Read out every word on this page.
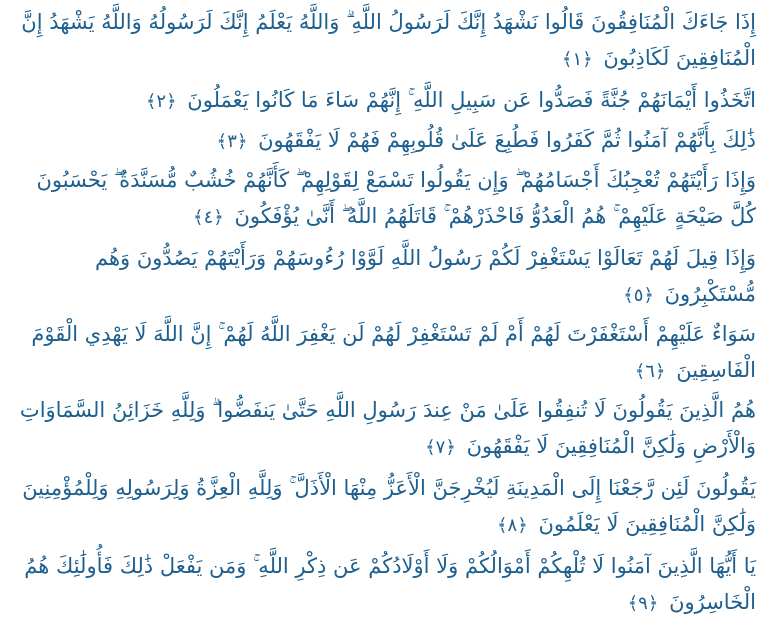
إِذَا جَاءَكَ الْمُنَافِقُونَ قَالُوا نَشْهَدُ إِنَّكَ لَرَسُولُ اللَّهِ ۗ وَاللَّهُ يَعْلَمُ إِنَّكَ لَرَسُولُهُ وَاللَّهُ يَشْهَدُ إِنَّ الْمُنَافِقِينَ لَكَاذِبُونَ ﴿١﴾

اتَّخَذُوا أَيْمَانَهُمْ جُنَّةً فَصَدُّوا عَن سَبِيلِ اللَّهِ ۚ إِنَّهُمْ سَاءَ مَا كَانُوا يَعْمَلُونَ ﴿٢﴾

ذَٰلِكَ بِأَنَّهُمْ آمَنُوا ثُمَّ كَفَرُوا فَطُبِعَ عَلَىٰ قُلُوبِهِمْ فَهُمْ لَا يَفْقَهُونَ ﴿٣﴾

وَإِذَا رَأَيْتَهُمْ تُعْجِبُكَ أَجْسَامُهُمْ ۖ وَإِن يَقُولُوا تَسْمَعْ لِقَوْلِهِمْ ۖ كَأَنَّهُمْ خُشُبٌ مُّسَنَّدَةٌ ۖ يَحْسَبُونَ كُلَّ صَيْحَةٍ عَلَيْهِمْ ۚ هُمُ الْعَدُوُّ فَاحْذَرْهُمْ ۚ قَاتَلَهُمُ اللَّهُ ۖ أَنَّىٰ يُؤْفَكُونَ ﴿٤﴾

وَإِذَا قِيلَ لَهُمْ تَعَالَوْا يَسْتَغْفِرْ لَكُمْ رَسُولُ اللَّهِ لَوَّوْا رُءُوسَهُمْ وَرَأَيْتَهُمْ يَصُدُّونَ وَهُم مُّسْتَكْبِرُونَ ﴿٥﴾

سَوَاءٌ عَلَيْهِمْ أَسْتَغْفَرْتَ لَهُمْ أَمْ لَمْ تَسْتَغْفِرْ لَهُمْ لَن يَغْفِرَ اللَّهُ لَهُمْ ۚ إِنَّ اللَّهَ لَا يَهْدِي الْقَوْمَ الْفَاسِقِينَ ﴿٦﴾

هُمُ الَّذِينَ يَقُولُونَ لَا تُنفِقُوا عَلَىٰ مَنْ عِندَ رَسُولِ اللَّهِ حَتَّىٰ يَنفَضُّوا ۗ وَلِلَّهِ خَزَائِنُ السَّمَاوَاتِ وَالْأَرْضِ وَلَٰكِنَّ الْمُنَافِقِينَ لَا يَفْقَهُونَ ﴿٧﴾

يَقُولُونَ لَئِن رَّجَعْنَا إِلَى الْمَدِينَةِ لَيُخْرِجَنَّ الْأَعَزُّ مِنْهَا الْأَذَلَّ ۚ وَلِلَّهِ الْعِزَّةُ وَلِرَسُولِهِ وَلِلْمُؤْمِنِينَ وَلَٰكِنَّ الْمُنَافِقِينَ لَا يَعْلَمُونَ ﴿٨﴾

يَا أَيُّهَا الَّذِينَ آمَنُوا لَا تُلْهِكُمْ أَمْوَالُكُمْ وَلَا أَوْلَادُكُمْ عَن ذِكْرِ اللَّهِ ۚ وَمَن يَفْعَلْ ذَٰلِكَ فَأُولَٰئِكَ هُمُ الْخَاسِرُونَ ﴿٩﴾
